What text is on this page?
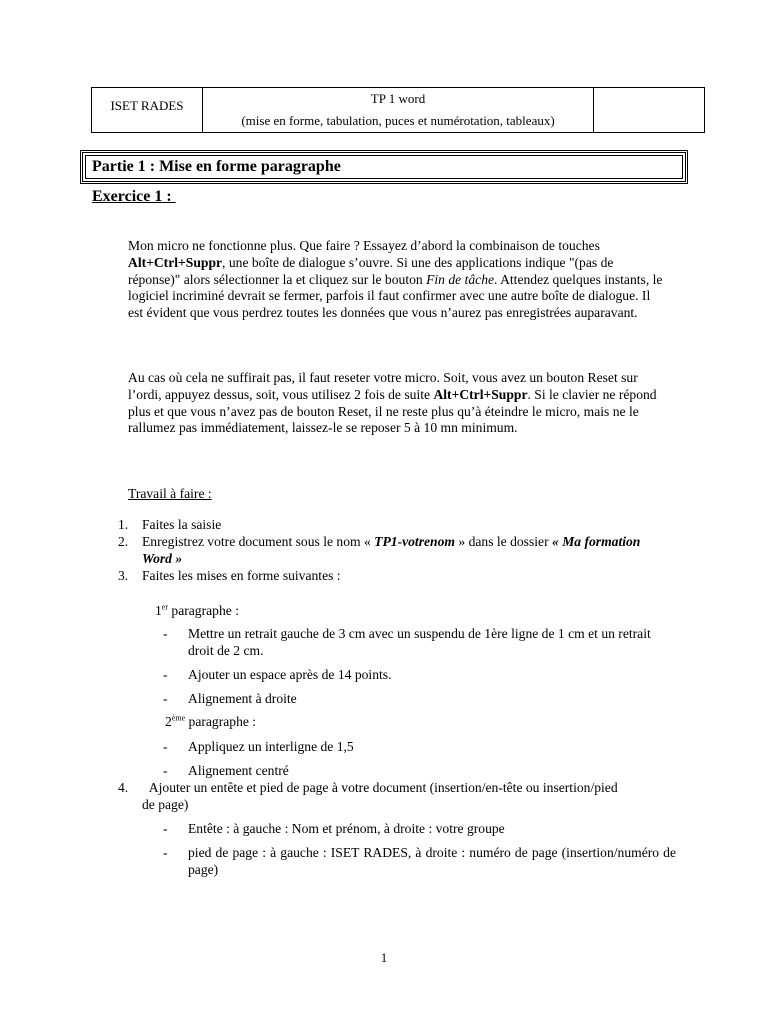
ISET RADES	TP 1 word
(mise en forme, tabulation, puces et numérotation, tableaux)

Partie 1 : Mise en forme paragraphe
Exercice 1 :

Mon micro ne fonctionne plus. Que faire ? Essayez d’abord la combinaison de touches Alt+Ctrl+Suppr, une boîte de dialogue s’ouvre. Si une des applications indique "(pas de réponse)" alors sélectionner la et cliquez sur le bouton Fin de tâche. Attendez quelques instants, le logiciel incriminé devrait se fermer, parfois il faut confirmer avec une autre boîte de dialogue. Il est évident que vous perdrez toutes les données que vous n’aurez pas enregistrées auparavant.

Au cas où cela ne suffirait pas, il faut reseter votre micro. Soit, vous avez un bouton Reset sur l’ordi, appuyez dessus, soit, vous utilisez 2 fois de suite Alt+Ctrl+Suppr. Si le clavier ne répond plus et que vous n’avez pas de bouton Reset, il ne reste plus qu’à éteindre le micro, mais ne le rallumez pas immédiatement, laissez-le se reposer 5 à 10 mn minimum.

Travail à faire :
1. Faites la saisie
2. Enregistrez votre document sous le nom « TP1-votrenom » dans le dossier « Ma formation Word »
3. Faites les mises en forme suivantes :
1er paragraphe :
- Mettre un retrait gauche de 3 cm avec un suspendu de 1ère ligne de 1 cm et un retrait droit de 2 cm.
- Ajouter un espace après de 14 points.
- Alignement à droite
2ème paragraphe :
- Appliquez un interligne de 1,5
- Alignement centré
4. Ajouter un entête et pied de page à votre document (insertion/en-tête ou insertion/pied de page)
- Entête : à gauche : Nom et prénom, à droite : votre groupe
- pied de page : à gauche : ISET RADES, à droite : numéro de page (insertion/numéro de page)
1
